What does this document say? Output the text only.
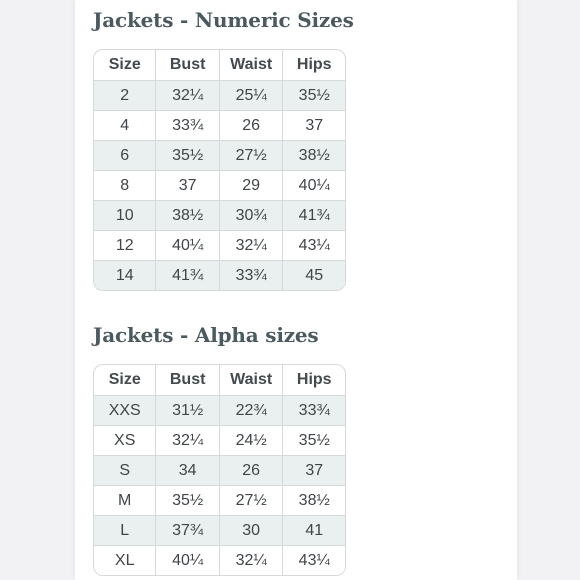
Jackets - Numeric Sizes
Size	Bust	Waist	Hips
2	32¼	25¼	35½
4	33¾	26	37
6	35½	27½	38½
8	37	29	40¼
10	38½	30¾	41¾
12	40¼	32¼	43¼
14	41¾	33¾	45
Jackets - Alpha sizes
Size	Bust	Waist	Hips
XXS	31½	22¾	33¾
XS	32¼	24½	35½
S	34	26	37
M	35½	27½	38½
L	37¾	30	41
XL	40¼	32¼	43¼
